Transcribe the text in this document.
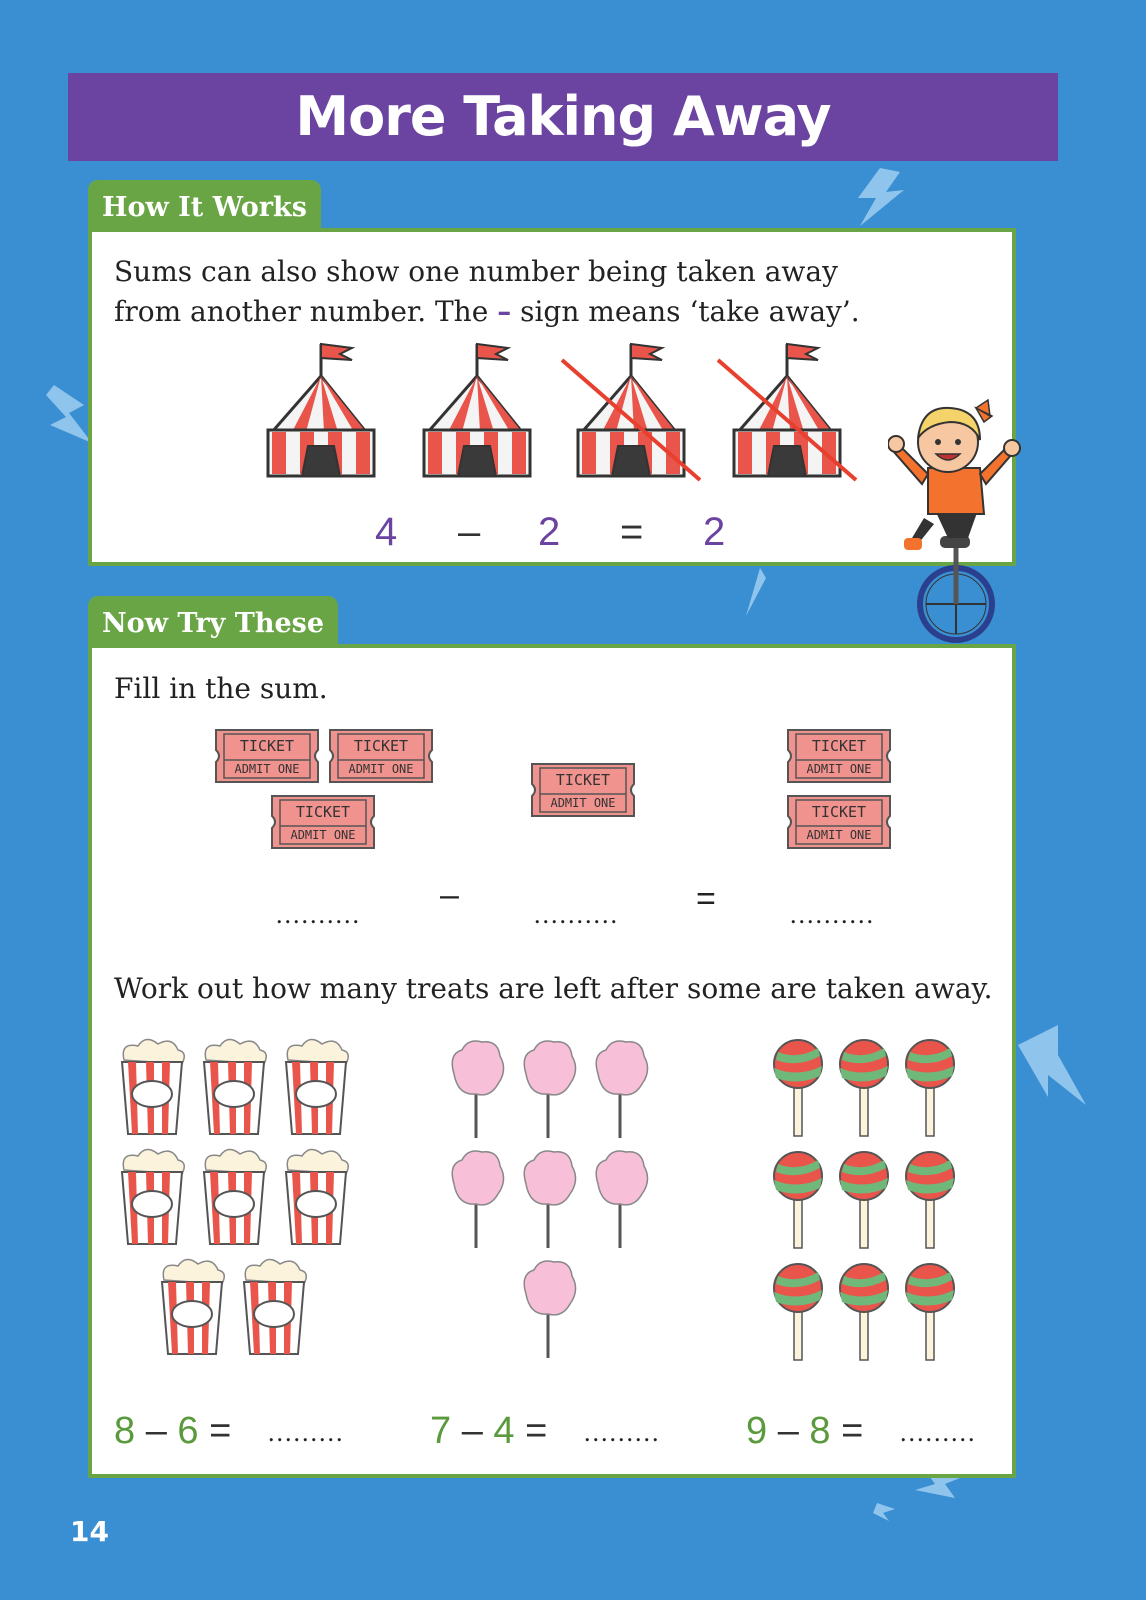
More Taking Away
How It Works
Sums can also show one number being taken away
from another number. The – sign means ‘take away’.
4 – 2 = 2
Now Try These
Fill in the sum.
TICKET
ADMIT ONE
TICKET
ADMIT ONE
TICKET
ADMIT ONE
TICKET
ADMIT ONE
TICKET
ADMIT ONE
TICKET
ADMIT ONE
..........
–
.......... =	..........
Work out how many treats are left after some are taken away.
8 – 6 = ......... 7 – 4 = ......... 9 – 8 = .........
14
